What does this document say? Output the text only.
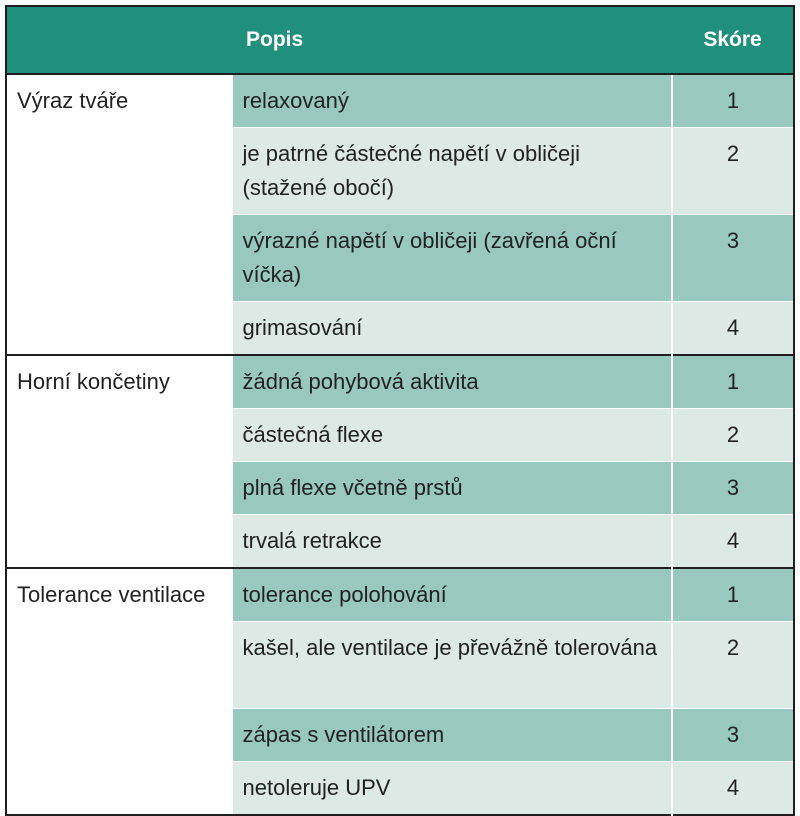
	Popis	Skóre
Výraz tváře	relaxovaný	1
	je patrné částečné napětí v obličeji (stažené obočí)	2
	výrazné napětí v obličeji (zavřená oční víčka)	3
	grimasování	4
Horní končetiny	žádná pohybová aktivita	1
	částečná flexe	2
	plná flexe včetně prstů	3
	trvalá retrakce	4
Tolerance ventilace	tolerance polohování	1
	kašel, ale ventilace je převážně tolerována	2
	zápas s ventilátorem	3
	netoleruje UPV	4
